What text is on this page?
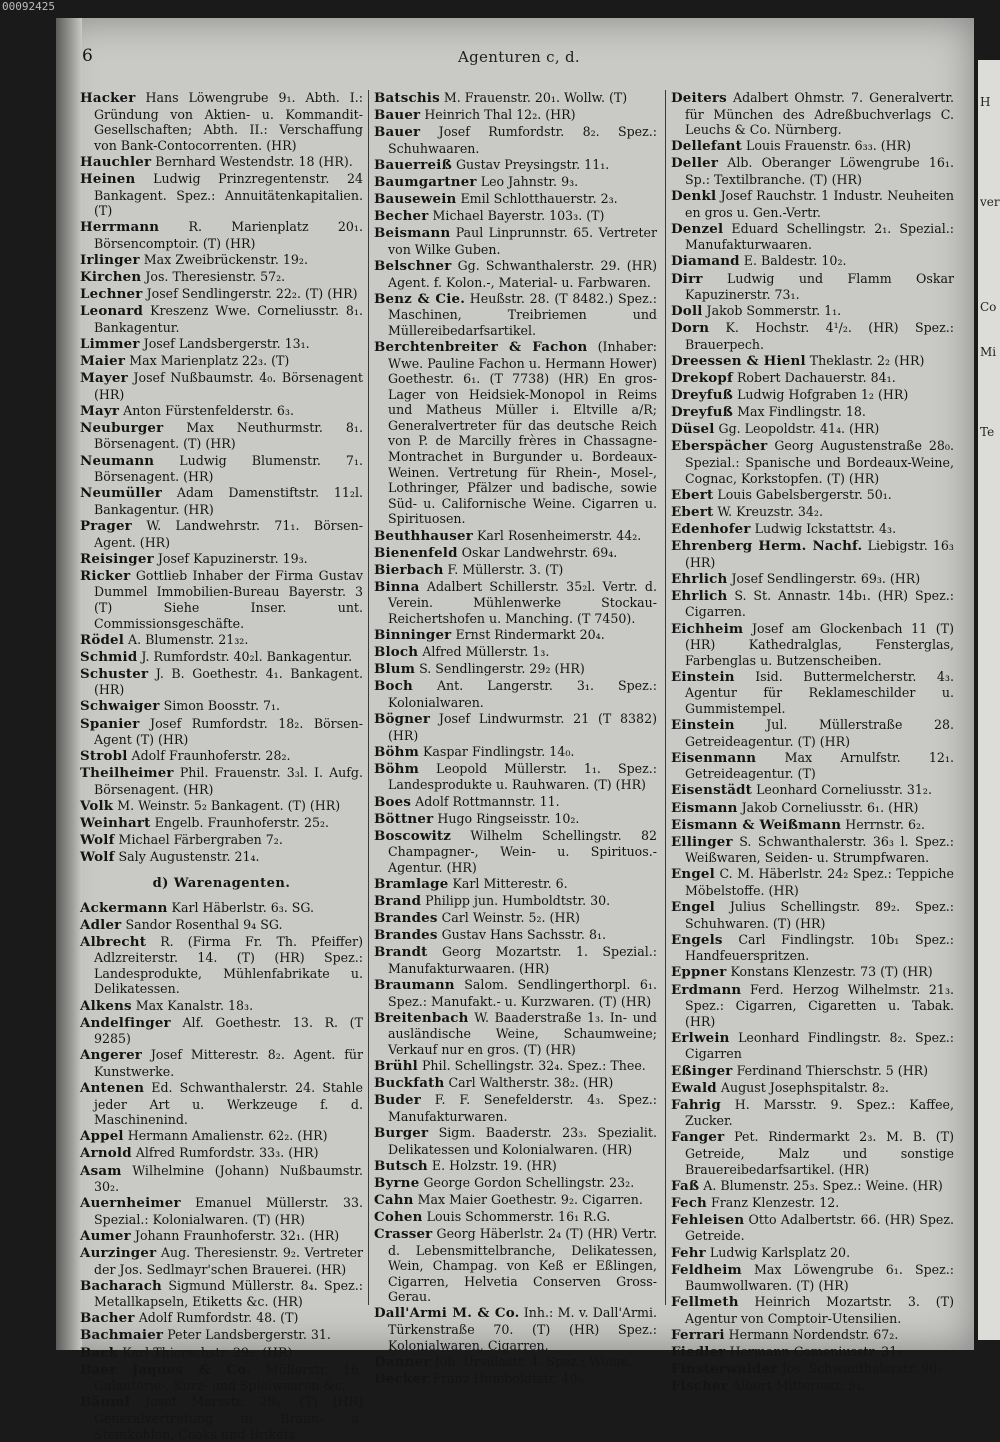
00092425
6	Agenturen c, d.
Hacker Hans Löwengrube 9₁. Abth. I.: Gründung von Aktien- u. Kommandit-Gesellschaften; Abth. II.: Verschaffung von Bank-Contocorrenten. (HR)
Hauchler Bernhard Westendstr. 18 (HR).
Heinen Ludwig Prinzregentenstr. 24 Bankagent. Spez.: Annuitätenkapitalien. (T)
Herrmann R. Marienplatz 20₁. Börsencomptoir. (T) (HR)
Irlinger Max Zweibrückenstr. 19₂.
Kirchen Jos. Theresienstr. 57₂.
Lechner Josef Sendlingerstr. 22₂. (T) (HR)
Leonard Kreszenz Wwe. Corneliusstr. 8₁. Bankagentur.
Limmer Josef Landsbergerstr. 13₁.
Maier Max Marienplatz 22₃. (T)
Mayer Josef Nußbaumstr. 4₀. Börsenagent (HR)
Mayr Anton Fürstenfelderstr. 6₃.
Neuburger Max Neuthurmstr. 8₁. Börsenagent. (T) (HR)
Neumann Ludwig Blumenstr. 7₁. Börsenagent. (HR)
Neumüller Adam Damenstiftstr. 11₂l. Bankagentur. (HR)
Prager W. Landwehrstr. 71₁. Börsen-Agent. (HR)
Reisinger Josef Kapuzinerstr. 19₃.
Ricker Gottlieb Inhaber der Firma Gustav Dummel Immobilien-Bureau Bayerstr. 3 (T) Siehe Inser. unt. Commissionsgeschäfte.
Rödel A. Blumenstr. 21₃₂.
Schmid J. Rumfordstr. 40₂l. Bankagentur.
Schuster J. B. Goethestr. 4₁. Bankagent. (HR)
Schwaiger Simon Boosstr. 7₁.
Spanier Josef Rumfordstr. 18₂. Börsen-Agent (T) (HR)
Strobl Adolf Fraunhoferstr. 28₂.
Theilheimer Phil. Frauenstr. 3₃l. I. Aufg. Börsenagent. (HR)
Volk M. Weinstr. 5₂ Bankagent. (T) (HR)
Weinhart Engelb. Fraunhoferstr. 25₂.
Wolf Michael Färbergraben 7₂.
Wolf Saly Augustenstr. 21₄.
d) Warenagenten.
Ackermann Karl Häberlstr. 6₃. SG.
Adler Sandor Rosenthal 9₄ SG.
Albrecht R. (Firma Fr. Th. Pfeiffer) Adlzreiterstr. 14. (T) (HR) Spez.: Landesprodukte, Mühlenfabrikate u. Delikatessen.
Alkens Max Kanalstr. 18₃.
Andelfinger Alf. Goethestr. 13. R. (T 9285)
Angerer Josef Mitterestr. 8₂. Agent. für Kunstwerke.
Antenen Ed. Schwanthalerstr. 24. Stahle jeder Art u. Werkzeuge f. d. Maschinenind.
Appel Hermann Amalienstr. 62₂. (HR)
Arnold Alfred Rumfordstr. 33₃. (HR)
Asam Wilhelmine (Johann) Nußbaumstr. 30₂.
Auernheimer Emanuel Müllerstr. 33. Spezial.: Kolonialwaren. (T) (HR)
Aumer Johann Fraunhoferstr. 32₁. (HR)
Aurzinger Aug. Theresienstr. 9₂. Vertreter der Jos. Sedlmayr'schen Brauerei. (HR)
Bacharach Sigmund Müllerstr. 8₄. Spez.: Metallkapseln, Etiketts &c. (HR)
Bacher Adolf Rumfordstr. 48. (T)
Bachmaier Peter Landsbergerstr. 31.
Back Karl Thierschstr. 29₂. (HR)
Baer Jaques & Co. Müllerstr. 16. Galanterie-, Kurz- und Spielwaaren &c.
Bäuml Josef Marsstr. 29₀. (T) (HR) Generalvertretung in Braun- u. Steinkohlen, Coaks und Brikets.
Batschis M. Frauenstr. 20₁. Wollw. (T)
Bauer Heinrich Thal 12₂. (HR)
Bauer Josef Rumfordstr. 8₂. Spez.: Schuhwaaren.
Bauerreiß Gustav Preysingstr. 11₁.
Baumgartner Leo Jahnstr. 9₃.
Bausewein Emil Schlotthauerstr. 2₃.
Becher Michael Bayerstr. 103₃. (T)
Beismann Paul Linprunnstr. 65. Vertreter von Wilke Guben.
Belschner Gg. Schwanthalerstr. 29. (HR) Agent. f. Kolon.-, Material- u. Farbwaren.
Benz & Cie. Heußstr. 28. (T 8482.) Spez.: Maschinen, Treibriemen und Müllereibedarfsartikel.
Berchtenbreiter & Fachon (Inhaber: Wwe. Pauline Fachon u. Hermann Hower) Goethestr. 6₁. (T 7738) (HR) En gros-Lager von Heidsiek-Monopol in Reims und Matheus Müller i. Eltville a/R; Generalvertreter für das deutsche Reich von P. de Marcilly frères in Chassagne-Montrachet in Burgunder u. Bordeaux-Weinen. Vertretung für Rhein-, Mosel-, Lothringer, Pfälzer und badische, sowie Süd- u. Californische Weine. Cigarren u. Spirituosen.
Beuthhauser Karl Rosenheimerstr. 44₂.
Bienenfeld Oskar Landwehrstr. 69₄.
Bierbach F. Müllerstr. 3. (T)
Binna Adalbert Schillerstr. 35₂l. Vertr. d. Verein. Mühlenwerke Stockau-Reichertshofen u. Manching. (T 7450).
Binninger Ernst Rindermarkt 20₄.
Bloch Alfred Müllerstr. 1₃.
Blum S. Sendlingerstr. 29₂ (HR)
Boch Ant. Langerstr. 3₁. Spez.: Kolonialwaren.
Bögner Josef Lindwurmstr. 21 (T 8382) (HR)
Böhm Kaspar Findlingstr. 14₀.
Böhm Leopold Müllerstr. 1₁. Spez.: Landesprodukte u. Rauhwaren. (T) (HR)
Boes Adolf Rottmannstr. 11.
Böttner Hugo Ringseisstr. 10₂.
Boscowitz Wilhelm Schellingstr. 82 Champagner-, Wein- u. Spirituos.-Agentur. (HR)
Bramlage Karl Mitterestr. 6.
Brand Philipp jun. Humboldtstr. 30.
Brandes Carl Weinstr. 5₂. (HR)
Brandes Gustav Hans Sachsstr. 8₁.
Brandt Georg Mozartstr. 1. Spezial.: Manufakturwaaren. (HR)
Braumann Salom. Sendlingerthorpl. 6₁. Spez.: Manufakt.- u. Kurzwaren. (T) (HR)
Breitenbach W. Baaderstraße 1₃. In- und ausländische Weine, Schaumweine; Verkauf nur en gros. (T) (HR)
Brühl Phil. Schellingstr. 32₄. Spez.: Thee.
Buckfath Carl Waltherstr. 38₂. (HR)
Buder F. F. Senefelderstr. 4₃. Spez.: Manufakturwaren.
Burger Sigm. Baaderstr. 23₃. Spezialit. Delikatessen und Kolonialwaren. (HR)
Butsch E. Holzstr. 19. (HR)
Byrne George Gordon Schellingstr. 23₂.
Cahn Max Maier Goethestr. 9₂. Cigarren.
Cohen Louis Schommerstr. 16₁ R.G.
Crasser Georg Häberlstr. 2₄ (T) (HR) Vertr. d. Lebensmittelbranche, Delikatessen, Wein, Champag. von Keß er Eßlingen, Cigarren, Helvetia Conserven Gross-Gerau.
Dall'Armi M. & Co. Inh.: M. v. Dall'Armi. Türkenstraße 70. (T) (HR) Spez.: Kolonialwaren, Cigarren.
Danner Joh. Ursulastr. 4. Spez.: Weine.
Decker Franz Humboldtstr. 40₀.
Deiters Adalbert Ohmstr. 7. Generalvertr. für München des Adreßbuchverlags C. Leuchs & Co. Nürnberg.
Dellefant Louis Frauenstr. 6₃₃. (HR)
Deller Alb. Oberanger Löwengrube 16₁. Sp.: Textilbranche. (T) (HR)
Denkl Josef Rauchstr. 1 Industr. Neuheiten en gros u. Gen.-Vertr.
Denzel Eduard Schellingstr. 2₁. Spezial.: Manufakturwaaren.
Diamand E. Baldestr. 10₂.
Dirr Ludwig und Flamm Oskar Kapuzinerstr. 73₁.
Doll Jakob Sommerstr. 1₁.
Dorn K. Hochstr. 4¹/₂. (HR) Spez.: Brauerpech.
Dreessen & Hienl Theklastr. 2₂ (HR)
Drekopf Robert Dachauerstr. 84₁.
Dreyfuß Ludwig Hofgraben 1₂ (HR)
Dreyfuß Max Findlingstr. 18.
Düsel Gg. Leopoldstr. 41₄. (HR)
Eberspächer Georg Augustenstraße 28₀. Spezial.: Spanische und Bordeaux-Weine, Cognac, Korkstopfen. (T) (HR)
Ebert Louis Gabelsbergerstr. 50₁.
Ebert W. Kreuzstr. 34₂.
Edenhofer Ludwig Ickstattstr. 4₃.
Ehrenberg Herm. Nachf. Liebigstr. 16₃ (HR)
Ehrlich Josef Sendlingerstr. 69₃. (HR)
Ehrlich S. St. Annastr. 14b₁. (HR) Spez.: Cigarren.
Eichheim Josef am Glockenbach 11 (T) (HR) Kathedralglas, Fensterglas, Farbenglas u. Butzenscheiben.
Einstein Isid. Buttermelcherstr. 4₃. Agentur für Reklameschilder u. Gummistempel.
Einstein	Jul. Müllerstraße 28. Getreideagentur. (T) (HR)
Eisenmann Max Arnulfstr. 12₁. Getreideagentur. (T)
Eisenstädt Leonhard Corneliusstr. 31₂.
Eismann Jakob Corneliusstr. 6₁. (HR)
Eismann & Weißmann Herrnstr. 6₂.
Ellinger S. Schwanthalerstr. 36₃ l. Spez.: Weißwaren, Seiden- u. Strumpfwaren.
Engel C. M. Häberlstr. 24₂ Spez.: Teppiche Möbelstoffe. (HR)
Engel Julius Schellingstr. 89₂. Spez.: Schuhwaren. (T) (HR)
Engels Carl Findlingstr. 10b₁ Spez.: Handfeuerspritzen.
Eppner Konstans Klenzestr. 73 (T) (HR)
Erdmann Ferd. Herzog Wilhelmstr. 21₃. Spez.: Cigarren, Cigaretten u. Tabak. (HR)
Erlwein Leonhard Findlingstr. 8₂. Spez.: Cigarren
Eßinger Ferdinand Thierschstr. 5 (HR)
Ewald August Josephspitalstr. 8₂.
Fahrig H. Marsstr. 9. Spez.: Kaffee, Zucker.
Fanger Pet. Rindermarkt 2₃. M. B. (T) Getreide, Malz und sonstige Brauereibedarfsartikel. (HR)
Faß A. Blumenstr. 25₃. Spez.: Weine. (HR)
Fech Franz Klenzestr. 12.
Fehleisen Otto Adalbertstr. 66. (HR) Spez. Getreide.
Fehr Ludwig Karlsplatz 20.
Feldheim Max Löwengrube 6₁. Spez.: Baumwollwaren. (T) (HR)
Fellmeth Heinrich Mozartstr. 3. (T) Agentur von Comptoir-Utensilien.
Ferrari Hermann Nordendstr. 67₂.
Fiedler Hermann Comeniusstr. 31₃.
Finsterwalder Jos. Schwanthalerstr. 90₁.
Fischer Albert Mitterestr. 5₃.
H
ver
Co
Mi
Te
